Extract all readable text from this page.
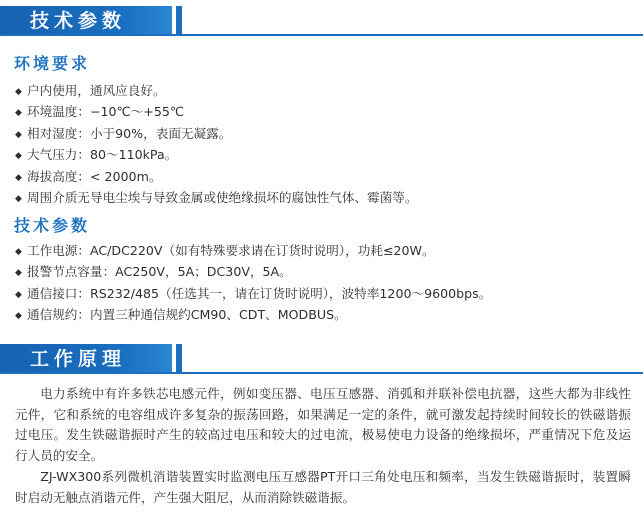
技术参数
环境要求
◆ 户内使用，通风应良好。
◆ 环境温度：−10℃～+55℃
◆ 相对湿度：小于90%，表面无凝露。
◆ 大气压力：80～110kPa。
◆ 海拔高度：< 2000m。
◆ 周围介质无导电尘埃与导致金属或使绝缘损坏的腐蚀性气体、霉菌等。
技术参数
◆ 工作电源：AC/DC220V（如有特殊要求请在订货时说明），功耗≤20W。
◆ 报警节点容量：AC250V，5A；DC30V，5A。
◆ 通信接口：RS232/485（任选其一，请在订货时说明），波特率1200～9600bps。
◆ 通信规约：内置三种通信规约CM90、CDT、MODBUS。
工作原理

电力系统中有许多铁芯电感元件，例如变压器、电压互感器、消弧和并联补偿电抗器，这些大都为非线性元件，它和系统的电容组成许多复杂的振荡回路，如果满足一定的条件，就可激发起持续时间较长的铁磁谐振过电压。发生铁磁谐振时产生的较高过电压和较大的过电流，极易使电力设备的绝缘损坏，严重情况下危及运行人员的安全。

ZJ-WX300系列微机消谐装置实时监测电压互感器PT开口三角处电压和频率，当发生铁磁谐振时，装置瞬时启动无触点消谐元件，产生强大阻尼，从而消除铁磁谐振。
